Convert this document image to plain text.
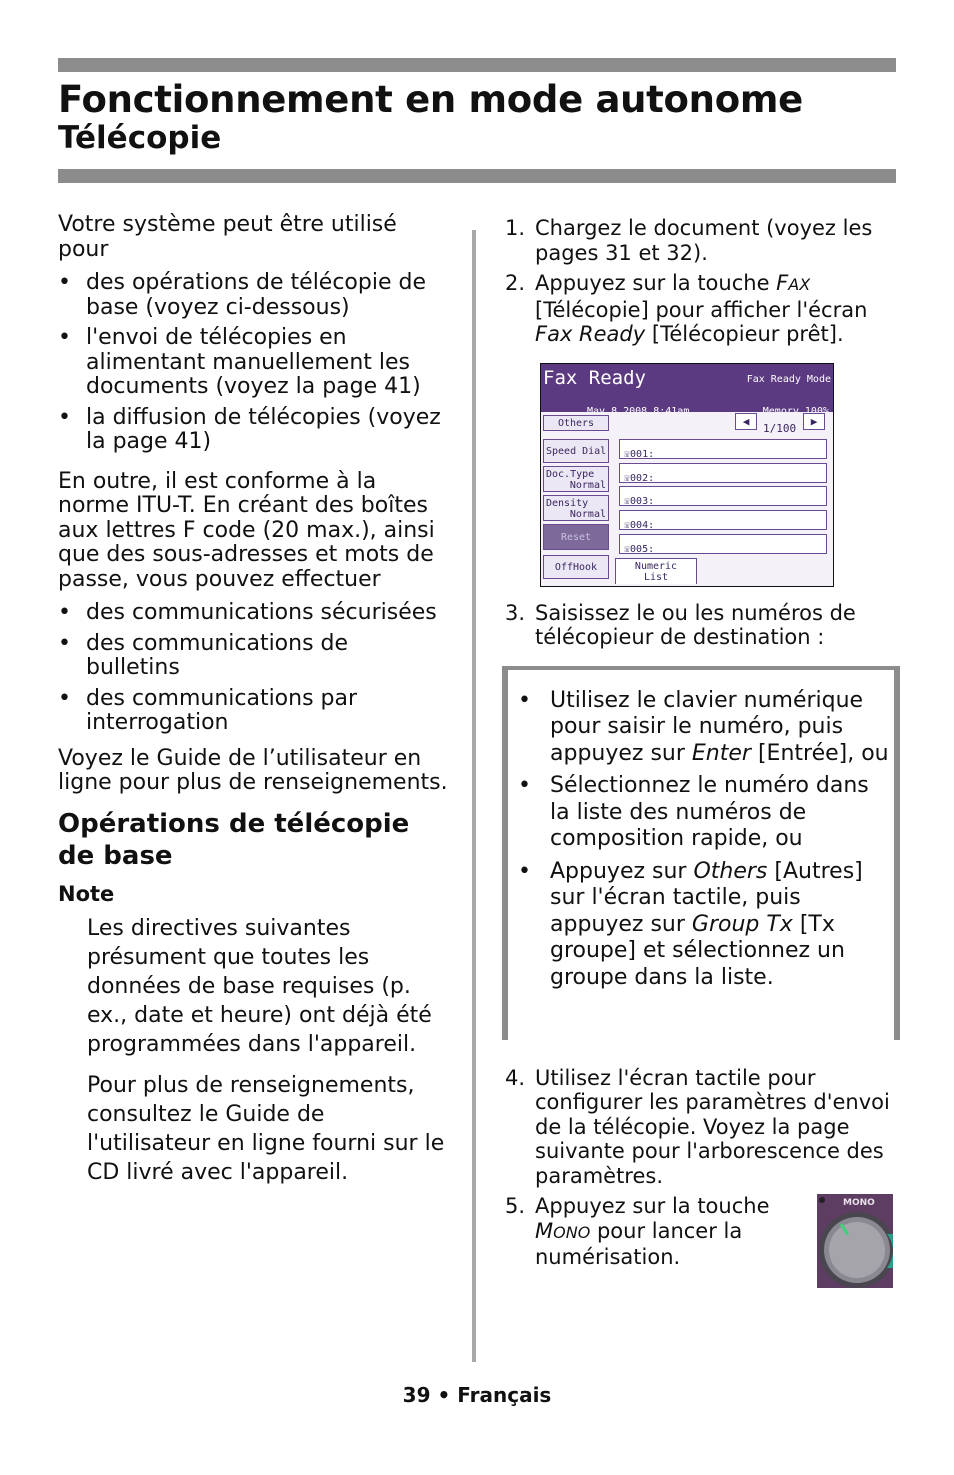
Fonctionnement en mode autonome
Télécopie

Votre système peut être utilisé pour

• des opérations de télécopie de base (voyez ci-dessous)
• l'envoi de télécopies en alimentant manuellement les documents (voyez la page 41)
• la diffusion de télécopies (voyez la page 41)

En outre, il est conforme à la norme ITU-T. En créant des boîtes aux lettres F code (20 max.), ainsi que des sous-adresses et mots de passe, vous pouvez effectuer

• des communications sécurisées
• des communications de bulletins
• des communications par interrogation

Voyez le Guide de l’utilisateur en ligne pour plus de renseignements.

Opérations de télécopie de base

Note

Les directives suivantes présument que toutes les données de base requises (p. ex., date et heure) ont déjà été programmées dans l'appareil.

Pour plus de renseignements, consultez le Guide de l'utilisateur en ligne fourni sur le CD livré avec l'appareil.

1. Chargez le document (voyez les pages 31 et 32).
2. Appuyez sur la touche FAX [Télécopie] pour afficher l'écran Fax Ready [Télécopieur prêt].
Fax Ready	Fax Ready Mode
Others
Speed Dial
Doc.Type
Normal
Density
Normal
Reset
OffHook
◀
1/100
▶
☏001:
☏002:
☏003:
☏004:
☏005:
Numeric
List
3. Saisissez le ou les numéros de télécopieur de destination :
• Utilisez le clavier numérique pour saisir le numéro, puis appuyez sur Enter [Entrée], ou
• Sélectionnez le numéro dans la liste des numéros de composition rapide, ou
• Appuyez sur Others [Autres] sur l'écran tactile, puis appuyez sur Group Tx [Tx groupe] et sélectionnez un groupe dans la liste.
4. Utilisez l'écran tactile pour configurer les paramètres d'envoi de la télécopie. Voyez la page suivante pour l'arborescence des paramètres.
5. Appuyez sur la touche MONO pour lancer la numérisation.
MONO
39 • Français
